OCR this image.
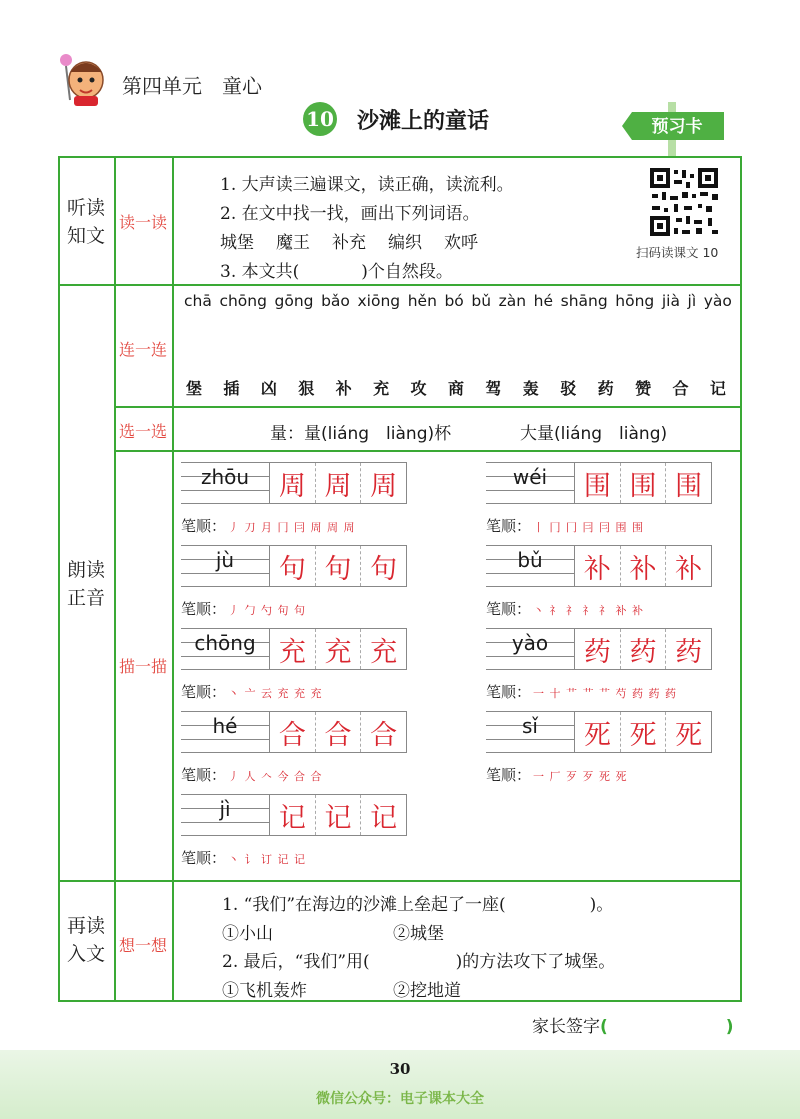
第四单元　童心
10 沙滩上的童话	预习卡
听读
知文
读一读
1. 大声读三遍课文，读正确，读流利。
2. 在文中找一找，画出下列词语。
城堡 魔王 补充 编织 欢呼
3. 本文共(	)个自然段。
扫码读课文 10
朗读
正音
连一连
chā chōng gōng bǎo xiōng hěn bó bǔ zàn hé shāng hōng jià jì yào
堡 插 凶 狠 补 充 攻 商 驾 轰 驳 药 赞 合 记
选一选	量：量(liáng　liàng)杯	大量(liáng　liàng)
描一描
zhōu	周 周 周
笔顺： 丿 刀 月 冂 冃 周 周 周
wéi	围 围 围
笔顺： 丨 冂 冂 冃 冃 围 围
jù	句 句 句
笔顺： 丿 勹 勺 句 句
bǔ	补 补 补
笔顺： 丶 礻 礻 礻 礻 补 补
chōng 充 充 充
笔顺： 丶 亠 云 充 充 充
yào	药 药 药
笔顺： 一 十 艹 艹 艹 芍 药 药 药
hé	合 合 合
笔顺： 丿 人 𠆢 今 合 合
sǐ	死 死 死
笔顺： 一 厂 歹 歹 死 死
jì	记 记 记
笔顺： 丶 讠 订 记 记
再读
入文 想一想
1. “我们”在海边的沙滩上垒起了一座(	)。
①小山	②城堡
2. 最后，“我们”用(	)的方法攻下了城堡。
①飞机轰炸	②挖地道
家长签字(	)
30
微信公众号：电子课本大全
